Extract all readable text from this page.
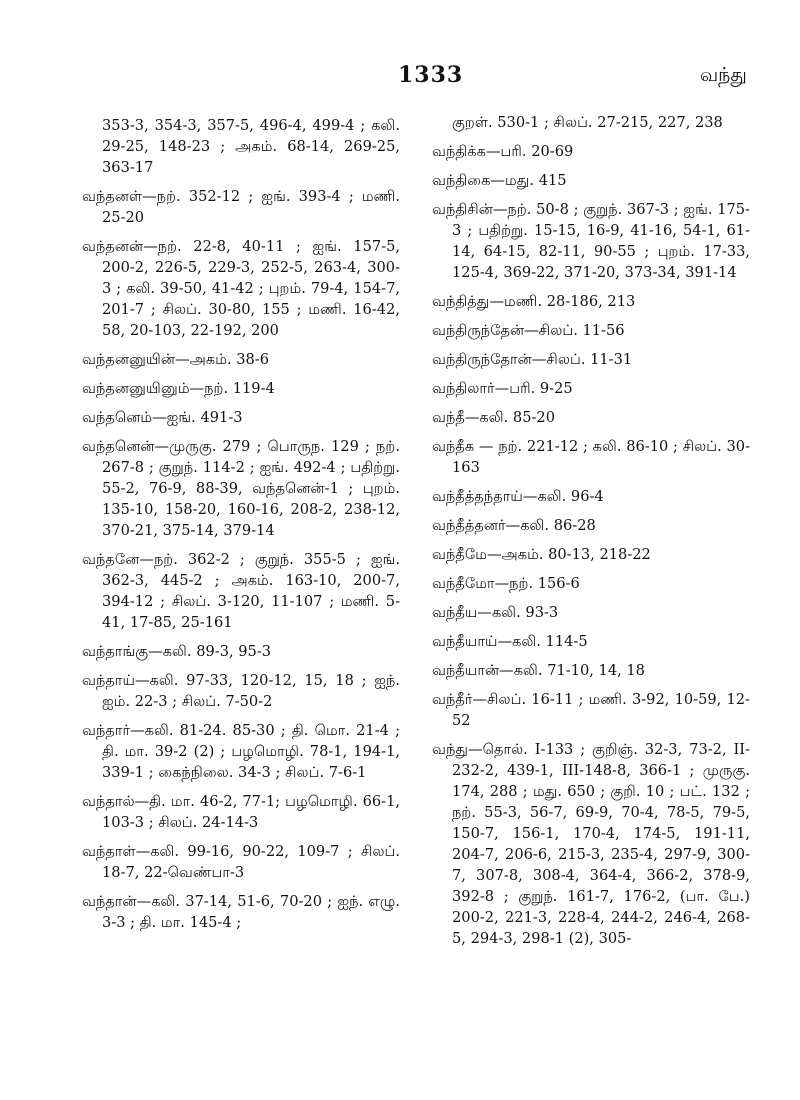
1333	வந்து

353-3, 354-3, 357-5, 496-4, 499-4 ; கலி. 29-25, 148-23 ; அகம். 68-14, 269-25, 363-17

வந்தனள்—நற். 352-12 ; ஐங். 393-4 ; மணி. 25-20

வந்தனன்—நற். 22-8, 40-11 ; ஐங். 157-5, 200-2, 226-5, 229-3, 252-5, 263-4, 300-3 ; கலி. 39-50, 41-42 ; புறம். 79-4, 154-7, 201-7 ; சிலப். 30-80, 155 ; மணி. 16-42, 58, 20-103, 22-192, 200

வந்தனனுயின்—அகம். 38-6

வந்தனனுயினும்—நற். 119-4

வந்தனெம்—ஐங். 491-3

வந்தனென்—முருகு. 279 ; பொருந. 129 ; நற். 267-8 ; குறுந். 114-2 ; ஐங். 492-4 ; பதிற்று. 55-2, 76-9, 88-39, வந்தனென்-1 ; புறம். 135-10, 158-20, 160-16, 208-2, 238-12, 370-21, 375-14, 379-14

வந்தனே—நற். 362-2 ; குறுந். 355-5 ; ஐங். 362-3, 445-2 ; அகம். 163-10, 200-7, 394-12 ; சிலப். 3-120, 11-107 ; மணி. 5-41, 17-85, 25-161

வந்தாங்கு—கலி. 89-3, 95-3

வந்தாய்—கலி. 97-33, 120-12, 15, 18 ; ஐந். ஐம். 22-3 ; சிலப். 7-50-2

வந்தார்—கலி. 81-24. 85-30 ; தி. மொ. 21-4 ; தி. மா. 39-2 (2) ; பழமொழி. 78-1, 194-1, 339-1 ; கைந்நிலை. 34-3 ; சிலப். 7-6-1

வந்தால்—தி. மா. 46-2, 77-1; பழமொழி. 66-1, 103-3 ; சிலப். 24-14-3

வந்தாள்—கலி. 99-16, 90-22, 109-7 ; சிலப். 18-7, 22-வெண்பா-3

வந்தான்—கலி. 37-14, 51-6, 70-20 ; ஐந். எழு. 3-3 ; தி. மா. 145-4 ;

குறள். 530-1 ; சிலப். 27-215, 227, 238

வந்திக்க—பரி. 20-69

வந்திகை—மது. 415

வந்திசின்—நற். 50-8 ; குறுந். 367-3 ; ஐங். 175-3 ; பதிற்று. 15-15, 16-9, 41-16, 54-1, 61-14, 64-15, 82-11, 90-55 ; புறம். 17-33, 125-4, 369-22, 371-20, 373-34, 391-14

வந்தித்து—மணி. 28-186, 213

வந்திருந்தேன்—சிலப். 11-56

வந்திருந்தோன்—சிலப். 11-31

வந்திலார்—பரி. 9-25

வந்தீ—கலி. 85-20

வந்தீக — நற். 221-12 ; கலி. 86-10 ; சிலப். 30-163

வந்தீத்தந்தாய்—கலி. 96-4

வந்தீத்தனர்—கலி. 86-28

வந்தீமே—அகம். 80-13, 218-22

வந்தீமோ—நற். 156-6

வந்தீய—கலி. 93-3

வந்தீயாய்—கலி. 114-5

வந்தீயான்—கலி. 71-10, 14, 18

வந்தீர்—சிலப். 16-11 ; மணி. 3-92, 10-59, 12-52

வந்து—தொல். I-133 ; குறிஞ். 32-3, 73-2, II-232-2, 439-1, III-148-8, 366-1 ; முருகு. 174, 288 ; மது. 650 ; குறி. 10 ; பட். 132 ; நற். 55-3, 56-7, 69-9, 70-4, 78-5, 79-5, 150-7, 156-1, 170-4, 174-5, 191-11, 204-7, 206-6, 215-3, 235-4, 297-9, 300-7, 307-8, 308-4, 364-4, 366-2, 378-9, 392-8 ; குறுந். 161-7, 176-2, (பா. பே.) 200-2, 221-3, 228-4, 244-2, 246-4, 268-5, 294-3, 298-1 (2), 305-
